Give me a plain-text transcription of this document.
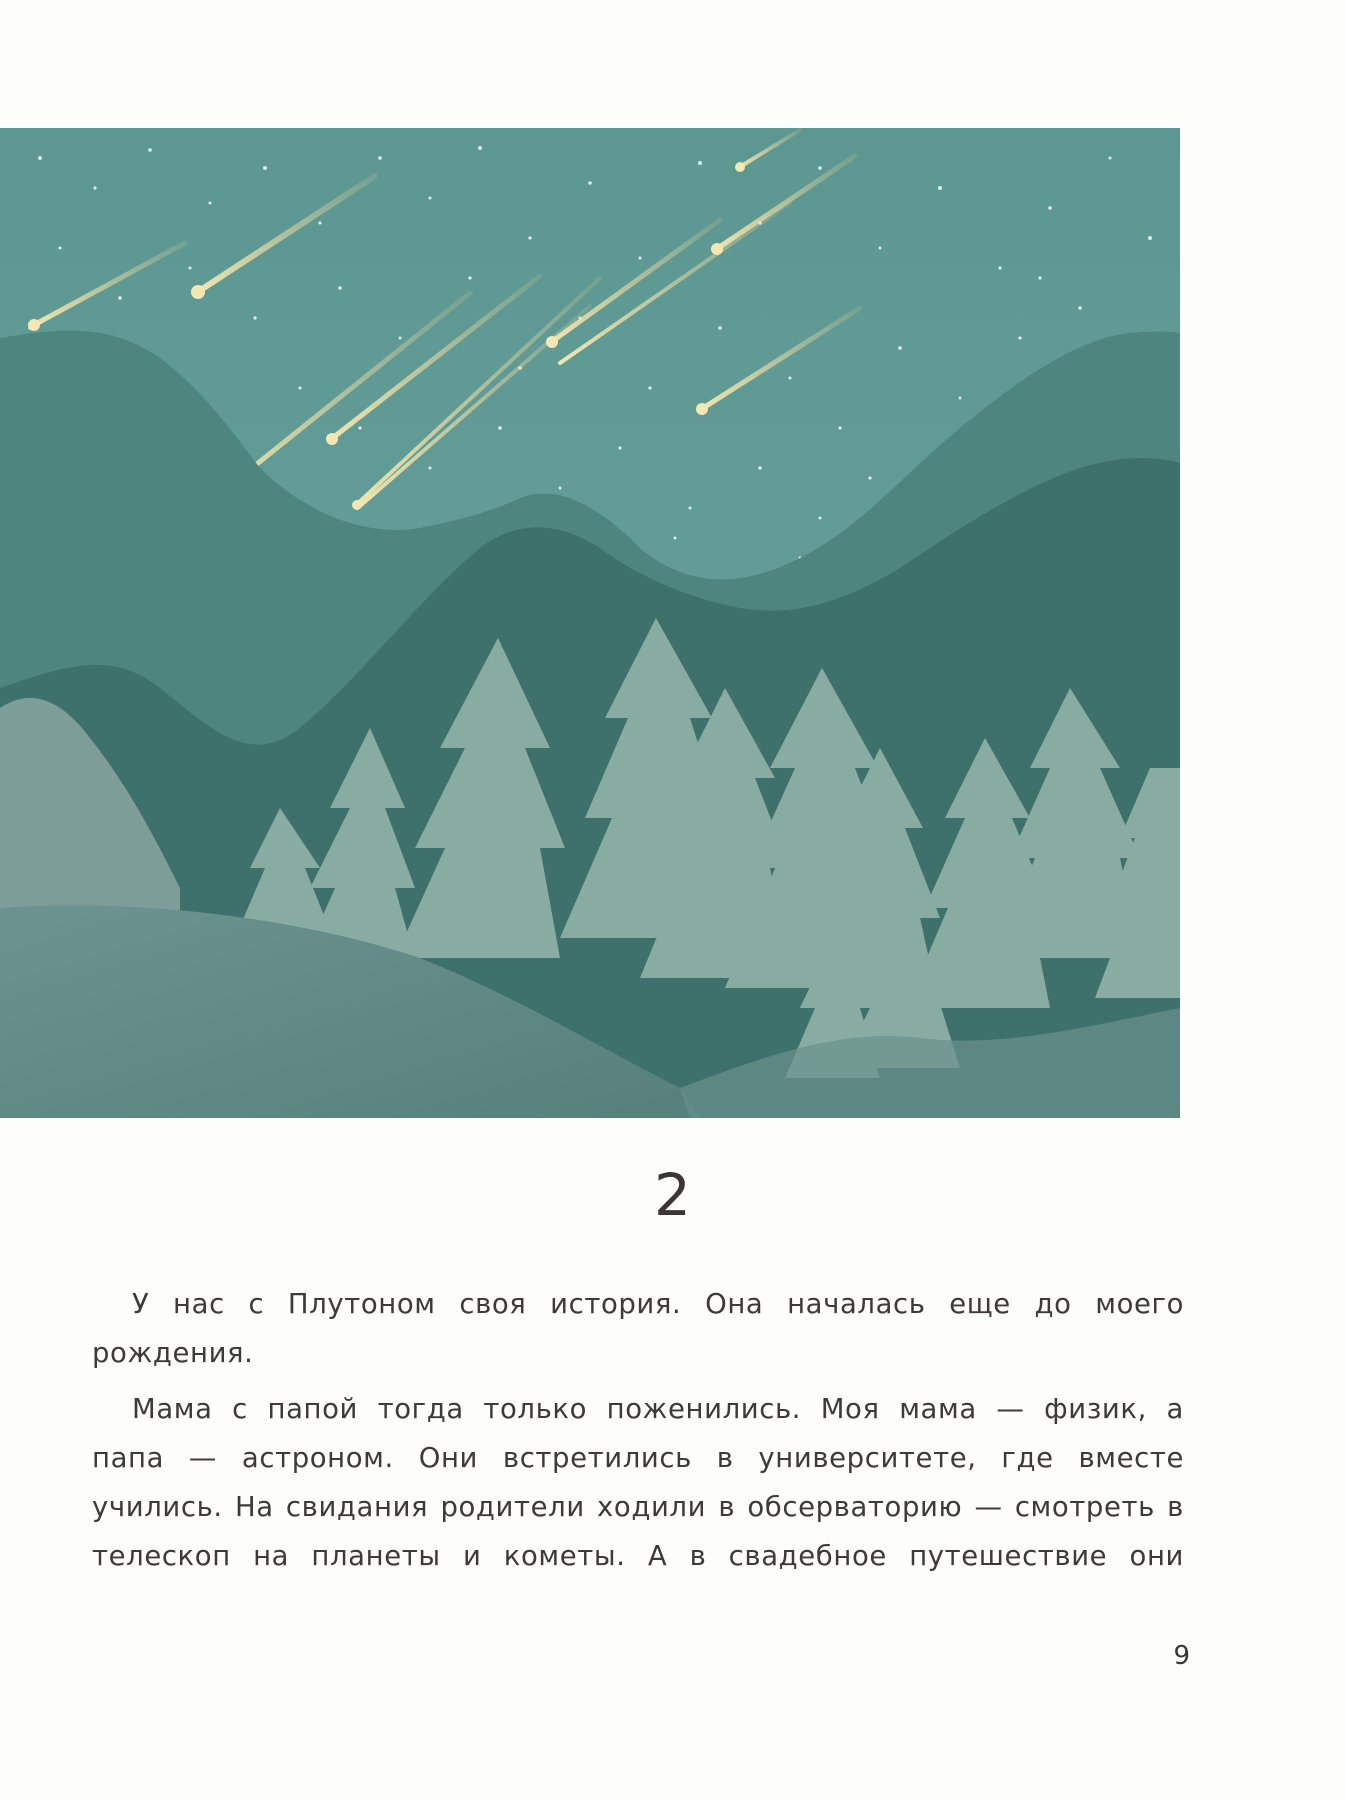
2

У нас с Плутоном своя история. Она началась еще до моего рождения.

Мама с папой тогда только поженились. Моя мама — физик, а папа — астроном. Они встретились в университете, где вместе учились. На свидания родители ходили в обсерваторию — смотреть в телескоп на планеты и кометы. А в свадебное путешествие они

9
